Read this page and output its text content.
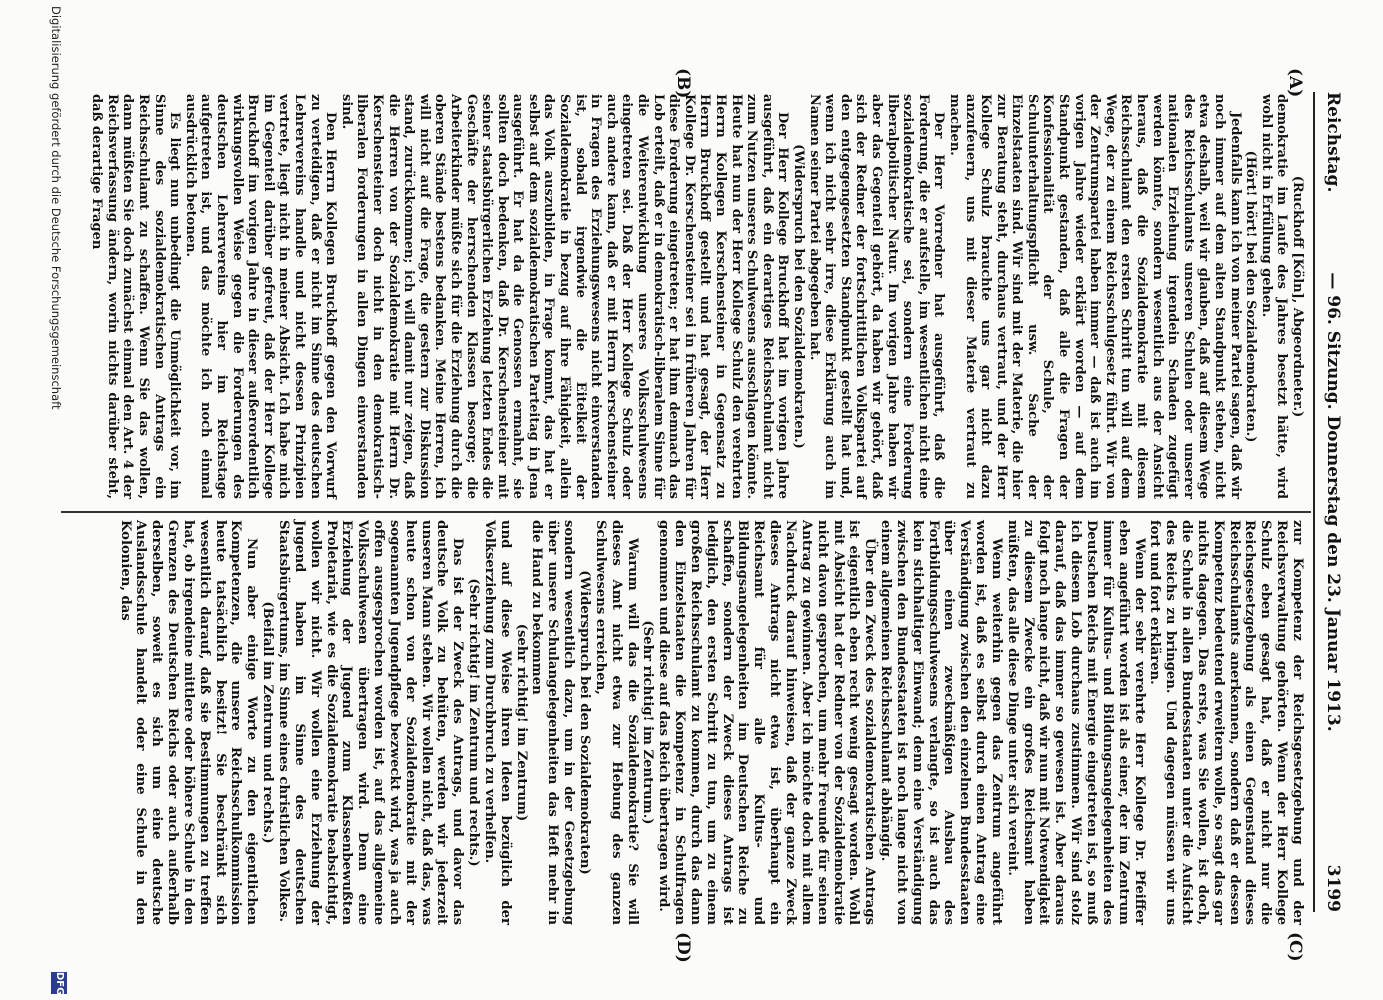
Reichstag.
— 96. Sitzung. Donnerstag den 23. Januar 1913.
3199
(A)
(B)
(C)
(D)

(Ruckhoff [Köln], Abgeordneter.)

demokratie im Laufe des Jahres besetzt hätte, wird wohl nicht in Erfüllung gehen.

(Hört! hört! bei den Sozialdemokraten.)

Jedenfalls kann ich von meiner Partei sagen, daß wir noch immer auf dem alten Standpunkt stehen, nicht etwa deshalb, weil wir glauben, daß auf diesem Wege des Reichsschulamts unseren Schulen oder unserer nationalen Erziehung irgendein Schaden zugefügt werden könnte, sondern wesentlich aus der Ansicht heraus, daß die Sozialdemokratie mit diesem Reichsschulamt den ersten Schritt tun will auf dem Wege, der zu einem Reichsschulgesetz führt. Wir von der Zentrumspartei haben immer — daß ist auch im vorigen Jahre wieder erklärt worden — auf dem Standpunkt gestanden, daß alle die Fragen der Konfessionalität der Schule, der Schulunterhaltungspflicht usw. Sache der Einzelstaaten sind. Wir sind mit der Materie, die hier zur Beratung steht, durchaus vertraut, und der Herr Kollege Schulz brauchte uns gar nicht dazu anzufeuern, uns mit dieser Materie vertraut zu machen.

Der Herr Vorredner hat ausgeführt, daß die Forderung, die er aufstelle, im wesentlichen nicht eine sozialdemokratische sei, sondern eine Forderung liberalpolitischer Natur. Im vorigen Jahre haben wir aber das Gegenteil gehört, da haben wir gehört, daß sich der Redner der fortschrittlichen Volkspartei auf den entgegengesetzten Standpunkt gestellt hat und, wenn ich nicht sehr irre, diese Erklärung auch im Namen seiner Partei abgegeben hat.

(Widerspruch bei den Sozialdemokraten.)

Der Herr Kollege Bruckhoff hat im vorigen Jahre ausgeführt, daß ein derartiges Reichsschulamt nicht zum Nutzen unseres Schulwesens ausschlagen könnte. Heute hat nun der Herr Kollege Schulz den verehrten Herrn Kollegen Kerschensteiner in Gegensatz zu Herrn Bruckhoff gestellt und hat gesagt, der Herr Kollege Dr. Kerschensteiner sei in früheren Jahren für diese Forderung eingetreten; er hat ihm demnach das Lob erteilt, daß er in demokratisch-liberalem Sinne für die Weiterentwicklung unseres Volksschulwesens eingetreten sei. Daß der Herr Kollege Schulz oder auch andere kann, daß er mit Herrn Kerschensteiner in Fragen des Erziehungswesens nicht einverstanden ist, sobald irgendwie die Eitelkeit der Sozialdemokratie in bezug auf ihre Fähigkeit, allein das Volk auszubilden, in Frage kommt, das hat er selbst auf dem sozialdemokratischen Parteitag in Jena ausgeführt. Er hat da die Genossen ermahnt, sie sollten doch bedenken, daß Dr. Kerschensteiner mit seiner staatsbürgerlichen Erziehung letzten Endes die Geschäfte der herrschenden Klassen besorge; die Arbeiterkinder müßte sich für die Erziehung durch die oberen Stände bestens bedanken. Meine Herren, ich will nicht auf die Frage, die gestern zur Diskussion stand, zurückkommen; ich will damit nur zeigen, daß die Herren von der Sozialdemokratie mit Herrn Dr. Kerschensteiner doch nicht in den demokratisch-liberalen Forderungen in allen Dingen einverstanden sind.

Den Herrn Kollegen Bruckhoff gegen den Vorwurf zu verteidigen, daß er nicht im Sinne des deutschen Lehrervereins handle und nicht dessen Prinzipien vertrete, liegt nicht in meiner Absicht. Ich habe mich im Gegenteil darüber gefreut, daß der Herr Kollege Bruckhoff im vorigen Jahre in dieser außerordentlich wirkungsvollen Weise gegen die Forderungen des deutschen Lehrervereins hier im Reichstage aufgetreten ist, und das möchte ich noch einmal ausdrücklich betonen.

Es liegt nun unbedingt die Unmöglichkeit vor, im Sinne des sozialdemokratischen Antrags ein Reichsschulamt zu schaffen. Wenn Sie das wollen, dann müßten Sie doch zunächst einmal den Art. 4 der Reichsverfassung ändern, worin nichts darüber steht, daß derartige Fragen

zur Kompetenz der Reichsgesetzgebung und der Reichsverwaltung gehörten. Wenn der Herr Kollege Schulz eben gesagt hat, daß er nicht nur die Reichsgesetzgebung als einen Gegenstand dieses Reichsschulamts anerkennen, sondern daß er dessen Kompetenz bedeutend erweitern wolle, so sagt das gar nichts dagegen. Das erste, was Sie wollen, ist doch, die Schule in allen Bundesstaaten unter die Aufsicht des Reichs zu bringen. Und dagegen müssen wir uns fort und fort erklären.

Wenn der sehr verehrte Herr Kollege Dr. Pfeiffer eben angeführt worden ist als einer, der im Zentrum immer für Kultus- und Bildungsangelegenheiten des Deutschen Reichs mit Energie eingetreten ist, so muß ich diesem Lob durchaus zustimmen. Wir sind stolz darauf, daß das immer so gewesen ist. Aber daraus folgt noch lange nicht, daß wir nun mit Notwendigkeit zu diesem Zwecke ein großes Reichsamt haben müßten, das alle diese Dinge unter sich vereint.

Wenn weiterhin gegen das Zentrum angeführt worden ist, daß es selbst durch einen Antrag eine Verständigung zwischen den einzelnen Bundesstaaten über einen zweckmäßigen Ausbau des Fortbildungsschulwesens verlangte, so ist auch das kein stichhaltiger Einwand; denn eine Verständigung zwischen den Bundesstaaten ist noch lange nicht von einem allgemeinen Reichsschulamt abhängig.

Über den Zweck des sozialdemokratischen Antrags ist eigentlich eben recht wenig gesagt worden. Wohl mit Absicht hat der Redner von der Sozialdemokratie nicht davon gesprochen, um mehr Freunde für seinen Antrag zu gewinnen. Aber ich möchte doch mit allem Nachdruck darauf hinweisen, daß der ganze Zweck dieses Antrags nicht etwa ist, überhaupt ein Reichsamt für alle Kultus- und Bildungsangelegenheiten im Deutschen Reiche zu schaffen, sondern der Zweck dieses Antrags ist lediglich, den ersten Schritt zu tun, um zu einem großen Reichsschulamt zu kommen, durch das dann den Einzelstaaten die Kompetenz in Schulfragen genommen und diese auf das Reich übertragen wird.

(Sehr richtig! im Zentrum.)

Warum will das die Sozialdemokratie? Sie will dieses Amt nicht etwa zur Hebung des ganzen Schulwesens erreichen,

(Widerspruch bei den Sozialdemokraten)

sondern wesentlich dazu, um in der Gesetzgebung über unsere Schulangelegenheiten das Heft mehr in die Hand zu bekommen

(sehr richtig! im Zentrum)

und auf diese Weise ihren Ideen bezüglich der Volkserziehung zum Durchbruch zu verhelfen.

(Sehr richtig! im Zentrum und rechts.)

Das ist der Zweck des Antrags, und davor das deutsche Volk zu behüten, werden wir jederzeit unseren Mann stehen. Wir wollen nicht, daß das, was heute schon von der Sozialdemokratie mit der sogenannten Jugendpflege bezweckt wird, was ja auch offen ausgesprochen worden ist, auf das allgemeine Volksschulwesen übertragen wird. Denn eine Erziehung der Jugend zum Klassenbewußten Proletariat, wie es die Sozialdemokratie beabsichtigt, wollen wir nicht. Wir wollen eine Erziehung der Jugend haben im Sinne des deutschen Staatsbürgertums, im Sinne eines christlichen Volkes.

(Beifall im Zentrum und rechts.)

Nun aber einige Worte zu den eigentlichen Kompetenzen, die unsere Reichsschulkommission heute tatsächlich besitzt! Sie beschränkt sich wesentlich darauf, daß sie Bestimmungen zu treffen hat, ob irgendeine mittlere oder höhere Schule in den Grenzen des Deutschen Reichs oder auch außerhalb derselben, soweit es sich um eine deutsche Auslandsschule handelt oder eine Schule in den Kolonien, das

Digitalisierung gefördert durch die Deutsche Forschungsgemeinschaft
DFG
